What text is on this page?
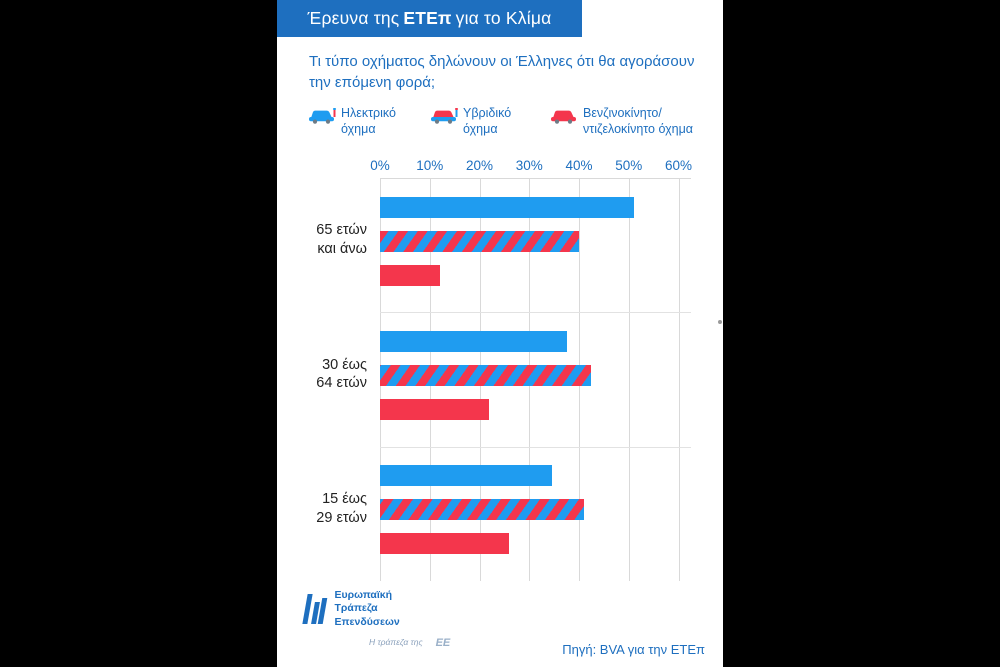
Τι τύπο οχήματος δηλώνουν οι Έλληνες ότι θα αγοράσουν την επόμενη φορά;
Ηλεκτρικό όχημα
Υβριδικό όχημα
Βενζινοκίνητο/ ντιζελοκίνητο όχημα
0% 10% 20% 30% 40% 50% 60%
65 ετών
και άνω
30 έως
64 ετών
15 έως
29 ετών
Ευρωπαϊκή
Τράπεζα
Επενδύσεων
Η τράπεζα της ΕΕ	Πηγή: BVA για την ΕΤΕπ
Έρευνα της ΕΤΕπ για το Κλίμα
